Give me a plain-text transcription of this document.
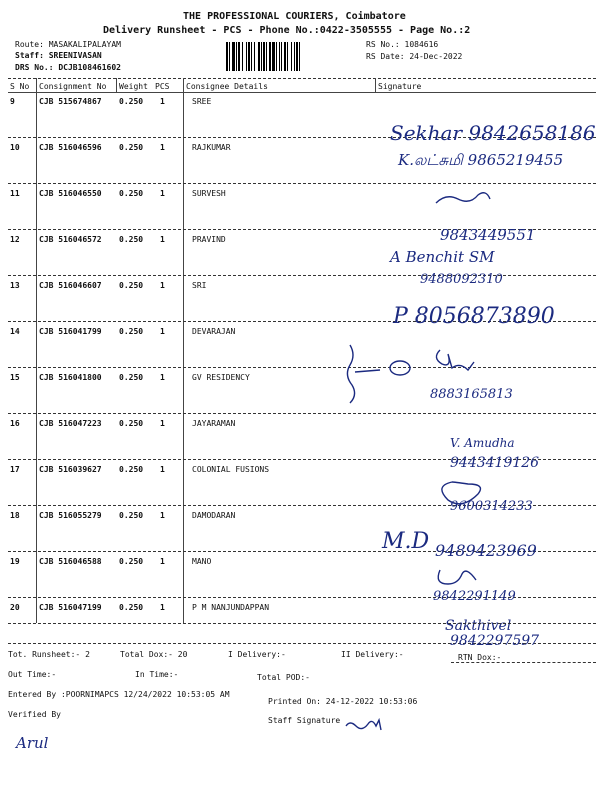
THE PROFESSIONAL COURIERS, Coimbatore
Delivery Runsheet - PCS - Phone No.:0422-3505555 - Page No.:2
Route: MASAKALIPALAYAM
Staff: SREENIVASAN
DRS No.: DCJB108461602
RS No.: 1084616
RS Date: 24-Dec-2022
S No Consignment No Weight PCS Consignee Details	Signature
9	CJB 515674867 0.250 1	SREE
10 CJB 516046596 0.250 1	RAJKUMAR
11 CJB 516046550 0.250 1	SURVESH
12 CJB 516046572 0.250 1	PRAVIND
13 CJB 516046607 0.250 1	SRI
14 CJB 516041799 0.250 1	DEVARAJAN
15 CJB 516041800 0.250 1	GV RESIDENCY
16 CJB 516047223 0.250 1	JAYARAMAN
17 CJB 516039627 0.250 1	COLONIAL FUSIONS
18 CJB 516055279 0.250 1	DAMODARAN
19 CJB 516046588 0.250 1	MANO
20 CJB 516047199 0.250 1	P M NANJUNDAPPAN
Sekhar 9842658186
K.லட்சுமி 9865219455
9843449551
A Benchit SM
9488092310
P 8056873890
8883165813
V. Amudha
9443419126
9600314233
M.D 9489423969
9842291149
Sakthivel
9842297597
Arul
Tot. Runsheet:- 2	Total Dox:- 20	I Delivery:-	II Delivery:-	RTN Dox:-
Out Time:-	In Time:-	Total POD:-
Entered By :POORNIMAPCS 12/24/2022 10:53:05 AM
Printed On: 24-12-2022 10:53:06
Verified By
Staff Signature
